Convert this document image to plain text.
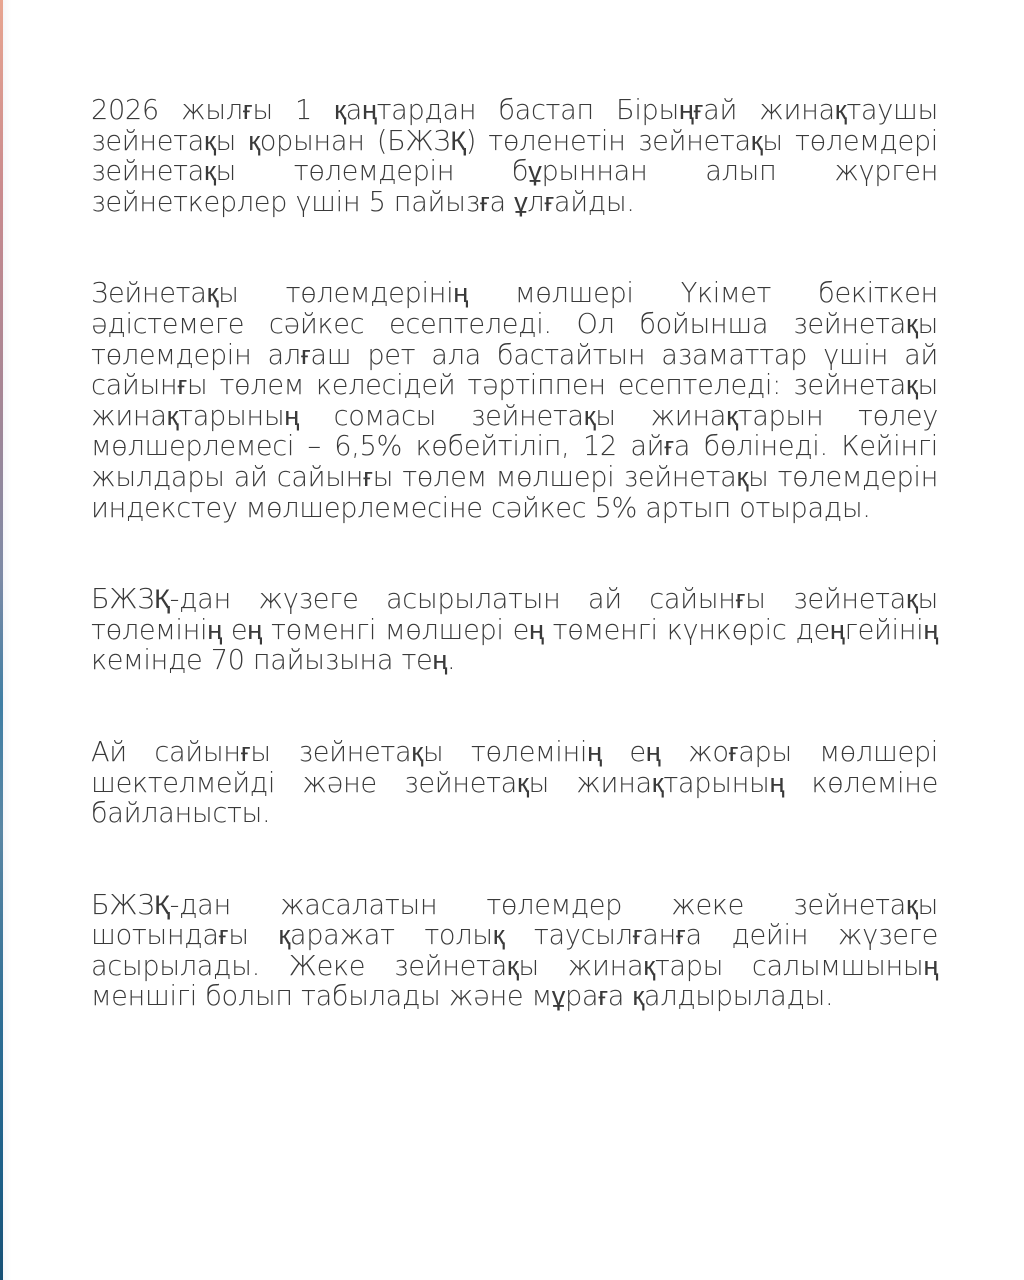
2026 жылғы 1 қаңтардан бастап Бірыңғай жинақтаушы зейнетақы қорынан (БЖЗҚ) төленетін зейнетақы төлемдері зейнетақы төлемдерін бұрыннан алып жүрген зейнеткерлер үшін 5 пайызға ұлғайды.

Зейнетақы төлемдерінің мөлшері Үкімет бекіткен әдістемеге сәйкес есептеледі. Ол бойынша зейнетақы төлемдерін алғаш рет ала бастайтын азаматтар үшін ай сайынғы төлем келесідей тәртіппен есептеледі: зейнетақы жинақтарының сомасы зейнетақы жинақтарын төлеу мөлшерлемесі – 6,5% көбейтіліп, 12 айға бөлінеді. Кейінгі жылдары ай сайынғы төлем мөлшері зейнетақы төлемдерін индекстеу мөлшерлемесіне сәйкес 5% артып отырады.

БЖЗҚ-дан жүзеге асырылатын ай сайынғы зейнетақы төлемінің ең төменгі мөлшері ең төменгі күнкөріс деңгейінің кемінде 70 пайызына тең.

Ай сайынғы зейнетақы төлемінің ең жоғары мөлшері шектелмейді және зейнетақы жинақтарының көлеміне байланысты.

БЖЗҚ-дан жасалатын төлемдер жеке зейнетақы шотындағы қаражат толық таусылғанға дейін жүзеге асырылады. Жеке зейнетақы жинақтары салымшының меншігі болып табылады және мұраға қалдырылады.
